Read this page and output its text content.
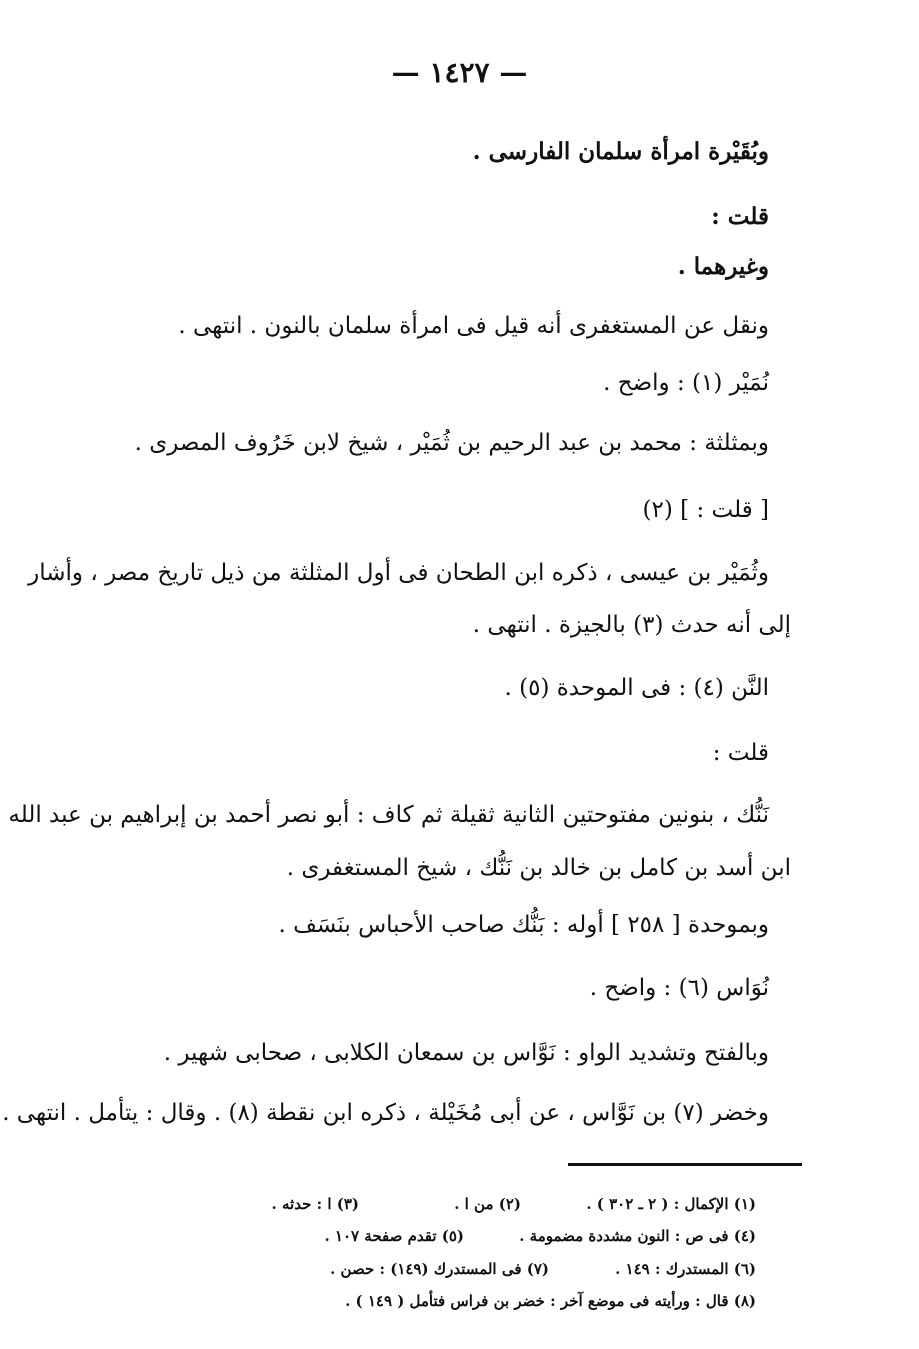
— ١٤٢٧ —
وبُقَيْرة امرأة سلمان الفارسى .
قلت :
وغيرهما .
ونقل عن المستغفرى أنه قيل فى امرأة سلمان بالنون . انتهى .
نُمَيْر (١) : واضح .
وبمثلثة : محمد بن عبد الرحيم بن ثُمَيْر ، شيخ لابن خَرُوف المصرى .
[ قلت : ] (٢)
وثُمَيْر بن عيسى ، ذكره ابن الطحان فى أول المثلثة من ذيل تاريخ مصر ، وأشار
إلى أنه حدث (٣) بالجيزة . انتهى .
النَّن (٤) : فى الموحدة (٥) .
قلت :
نَنُّك ، بنونين مفتوحتين الثانية ثقيلة ثم كاف : أبو نصر أحمد بن إبراهيم بن عبد الله
ابن أسد بن كامل بن خالد بن نَنُّك ، شيخ المستغفرى .
وبموحدة [ ٢٥٨ ] أوله : بَنُّك صاحب الأحباس بنَسَف .
نُوَاس (٦) : واضح .
وبالفتح وتشديد الواو : نَوَّاس بن سمعان الكلابى ، صحابى شهير .
وخضر (٧) بن نَوَّاس ، عن أبى مُخَيْلة ، ذكره ابن نقطة (٨) . وقال : يتأمل . انتهى .
(١) الإكمال : ( ٢ ـ ٣٠٢ ) .
(٢) من ا .
(٣) ا : حدثه .
(٤) فى ص : النون مشددة مضمومة .
(٥) تقدم صفحة ١٠٧ .
(٦) المستدرك : ١٤٩ .
(٧) فى المستدرك (١٤٩) : حصن .
(٨) قال : ورأيته فى موضع آخر : خضر بن فراس فتأمل ( ١٤٩ ) .
